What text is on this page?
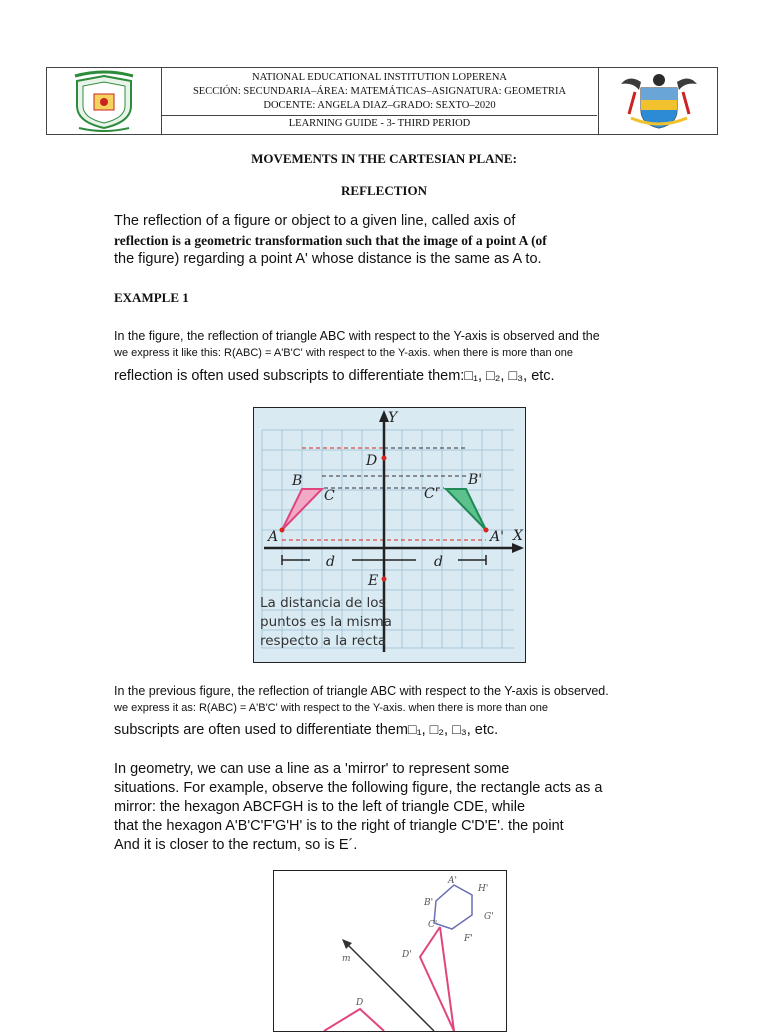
NATIONAL EDUCATIONAL INSTITUTION LOPERENA
SECCIÓN: SECUNDARIA–ÁREA: MATEMÁTICAS–ASIGNATURA: GEOMETRIA
DOCENTE: ANGELA DIAZ–GRADO: SEXTO–2020
LEARNING GUIDE - 3- THIRD PERIOD
MOVEMENTS IN THE CARTESIAN PLANE:
REFLECTION
The reflection of a figure or object to a given line, called axis of
reflection is a geometric transformation such that the image of a point A (of
the figure) regarding a point A' whose distance is the same as A to.
EXAMPLE 1
In the figure, the reflection of triangle ABC with respect to the Y-axis is observed and the
we express it like this: R(ABC) = A'B'C' with respect to the Y-axis. when there is more than one
reflection is often used subscripts to differentiate them:□₁, □₂, □₃, etc.
Y
X
A
B
C
D
E
A'
B'
C'
d	d
La distancia de los
puntos es la misma
respecto a la recta
In the previous figure, the reflection of triangle ABC with respect to the Y-axis is observed.
we express it as: R(ABC) = A'B'C' with respect to the Y-axis. when there is more than one
subscripts are often used to differentiate them□₁, □₂, □₃, etc.
In geometry, we can use a line as a 'mirror' to represent some
situations. For example, observe the following figure, the rectangle acts as a
mirror: the hexagon ABCFGH is to the left of triangle CDE, while
that the hexagon A'B'C'F'G'H' is to the right of triangle C'D'E'. the point
And it is closer to the rectum, so is E´.
A'
H'
B'
G'
C'
F'
D'
m
D
